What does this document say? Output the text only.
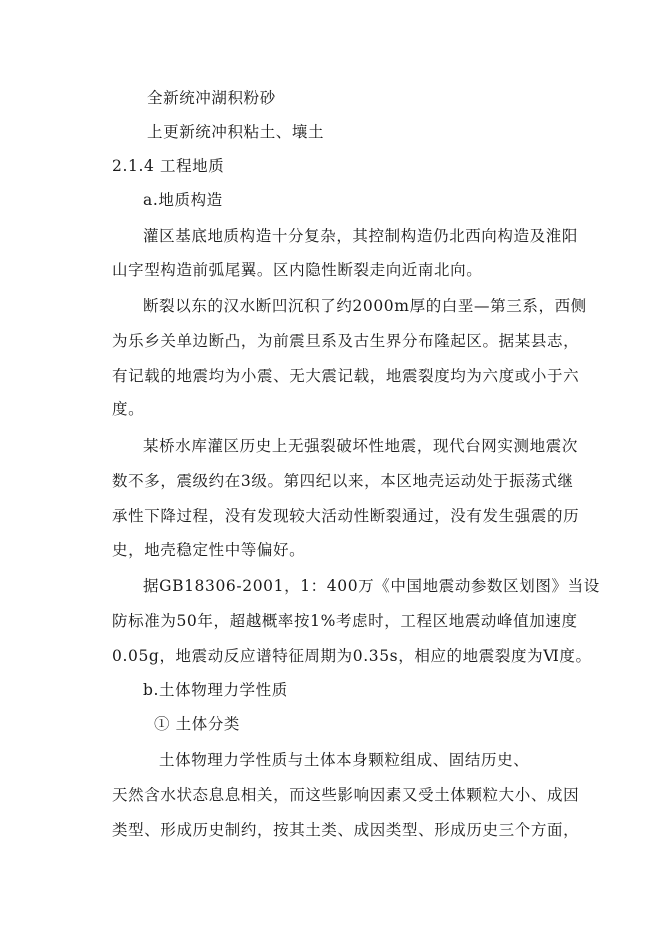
全新统冲湖积粉砂
上更新统冲积粘土、壤土
2.1.4 工程地质
a.地质构造
灌 区 基 底 地 质 构 造 十 分 复 杂 ， 其 控 制 构 造 仍 北 西 向 构 造 及 淮 阳
山字型构造前弧尾翼。区内隐性断裂走向近南北向。
断 裂 以 东 的 汉 水 断 凹 沉 积 了 约 2000m 厚 的 白 垩 — 第 三 系 ， 西 侧
为 乐 乡 关 单 边 断 凸 ， 为 前 震 旦 系 及 古 生 界 分 布 隆 起 区 。 据 某 县 志 ，
有 记 载 的 地 震 均 为 小 震 、 无 大 震 记 载 ， 地 震 裂 度 均 为 六 度 或 小 于 六
度。
某 桥 水 库 灌 区 历 史 上 无 强 裂 破 坏 性 地 震 ， 现 代 台 网 实 测 地 震 次
数 不 多 ， 震 级 约 在 3 级 。 第 四 纪 以 来 ， 本 区 地 壳 运 动 处 于 振 荡 式 继
承 性 下 降 过 程 ， 没 有 发 现 较 大 活 动 性 断 裂 通 过 ， 没 有 发 生 强 震 的 历
史，地壳稳定性中等偏好。
据 GB18306-2001 ， 1 ： 400 万 《 中 国 地 震 动 参 数 区 划 图 》 当 设
防 标 准 为 50 年 ， 超 越 概 率 按 1% 考 虑 时 ， 工 程 区 地 震 动 峰 值 加 速 度
0.05g ， 地 震 动 反 应 谱 特 征 周 期 为 0.35s ， 相 应 的 地 震 裂 度 为 Ⅵ 度 。
b.土体物理力学性质
① 土体分类
土体物理力学性质与土体本身颗粒组成、固结历史、
天 然 含 水 状 态 息 息 相 关 ， 而 这 些 影 响 因 素 又 受 土 体 颗 粒 大 小 、 成 因
类 型 、 形 成 历 史 制 约 ， 按 其 土 类 、 成 因 类 型 、 形 成 历 史 三 个 方 面 ，
